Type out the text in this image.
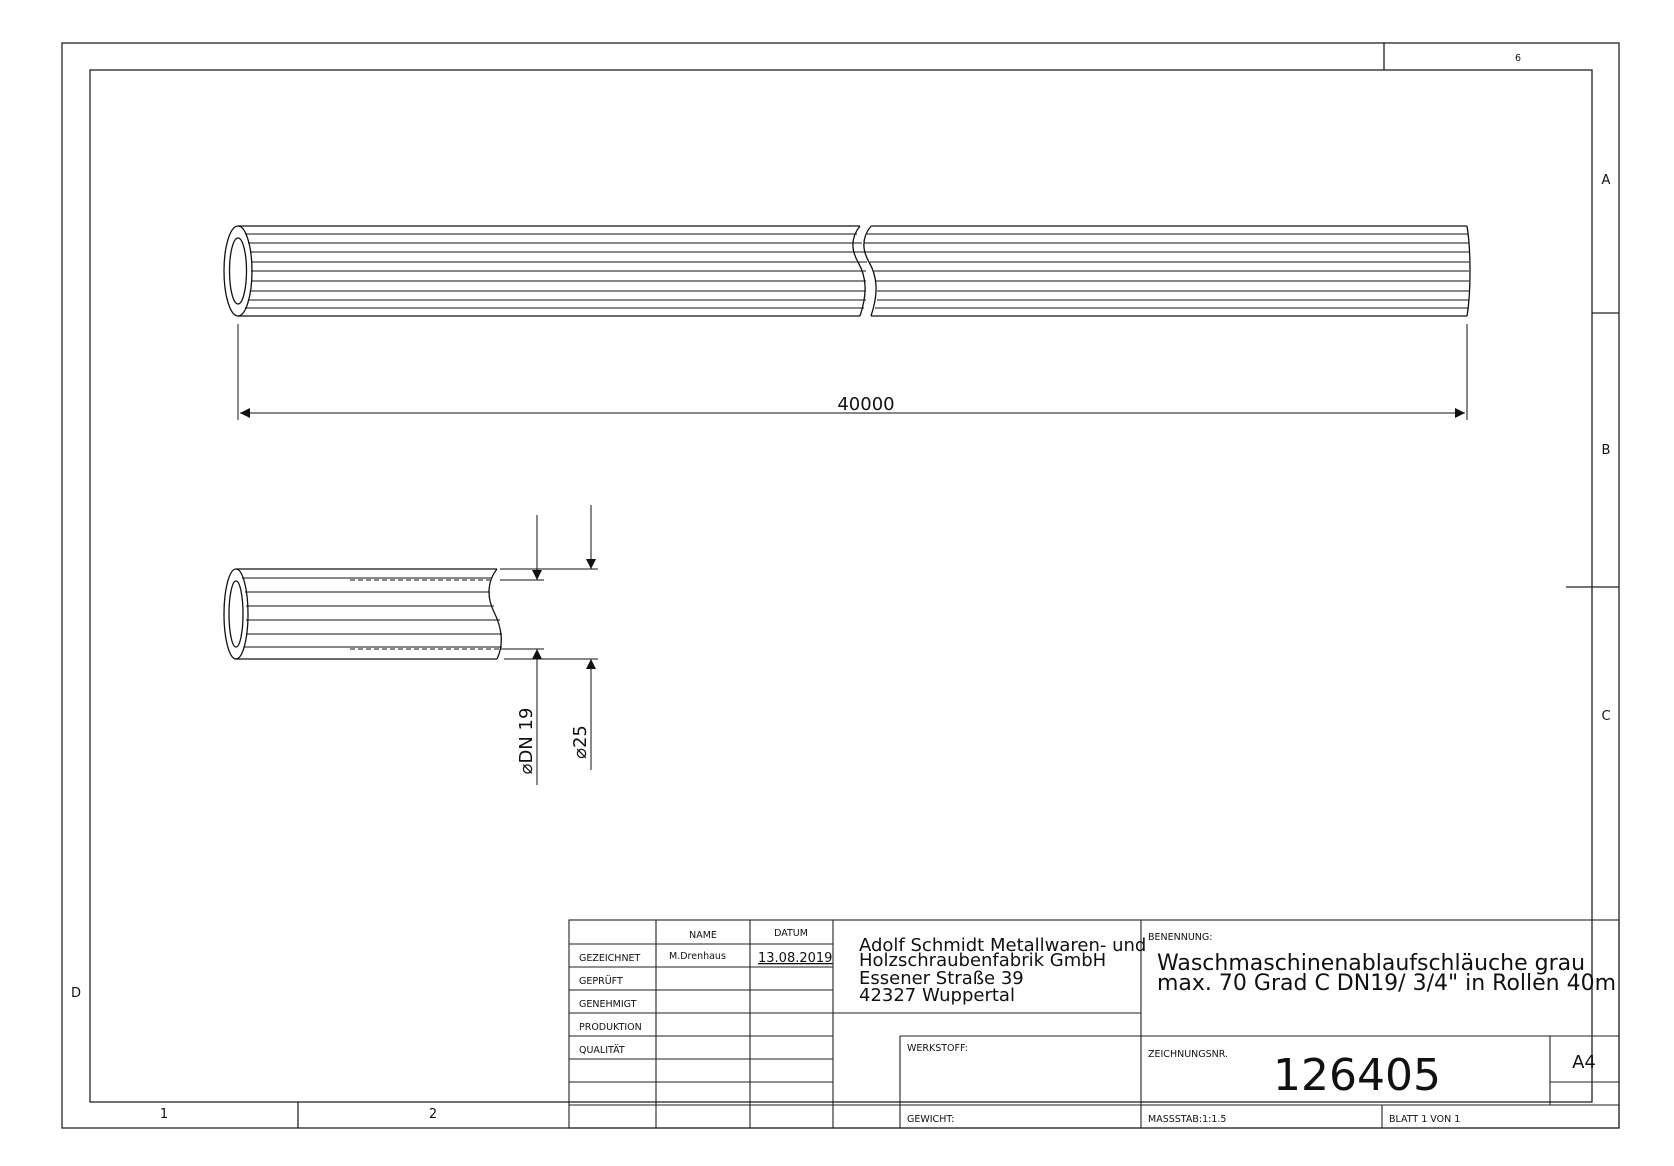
6
A
B
C
D
1	2
40000
⌀DN 19 ⌀25
NAME	DATUM
GEZEICHNET	M.Drenhaus 13.08.2019
GEPRÜFT
GENEHMIGT
PRODUKTION
QUALITÄT
Adolf Schmidt Metallwaren- und
Holzschraubenfabrik GmbH
Essener Straße 39
42327 Wuppertal
BENENNUNG:
Waschmaschinenablaufschläuche grau
max. 70 Grad C DN19/ 3/4" in Rollen 40m
WERKSTOFF:
ZEICHNUNGSNR. 126405	A4
GEWICHT:	MASSSTAB:1:1.5	BLATT 1 VON 1
